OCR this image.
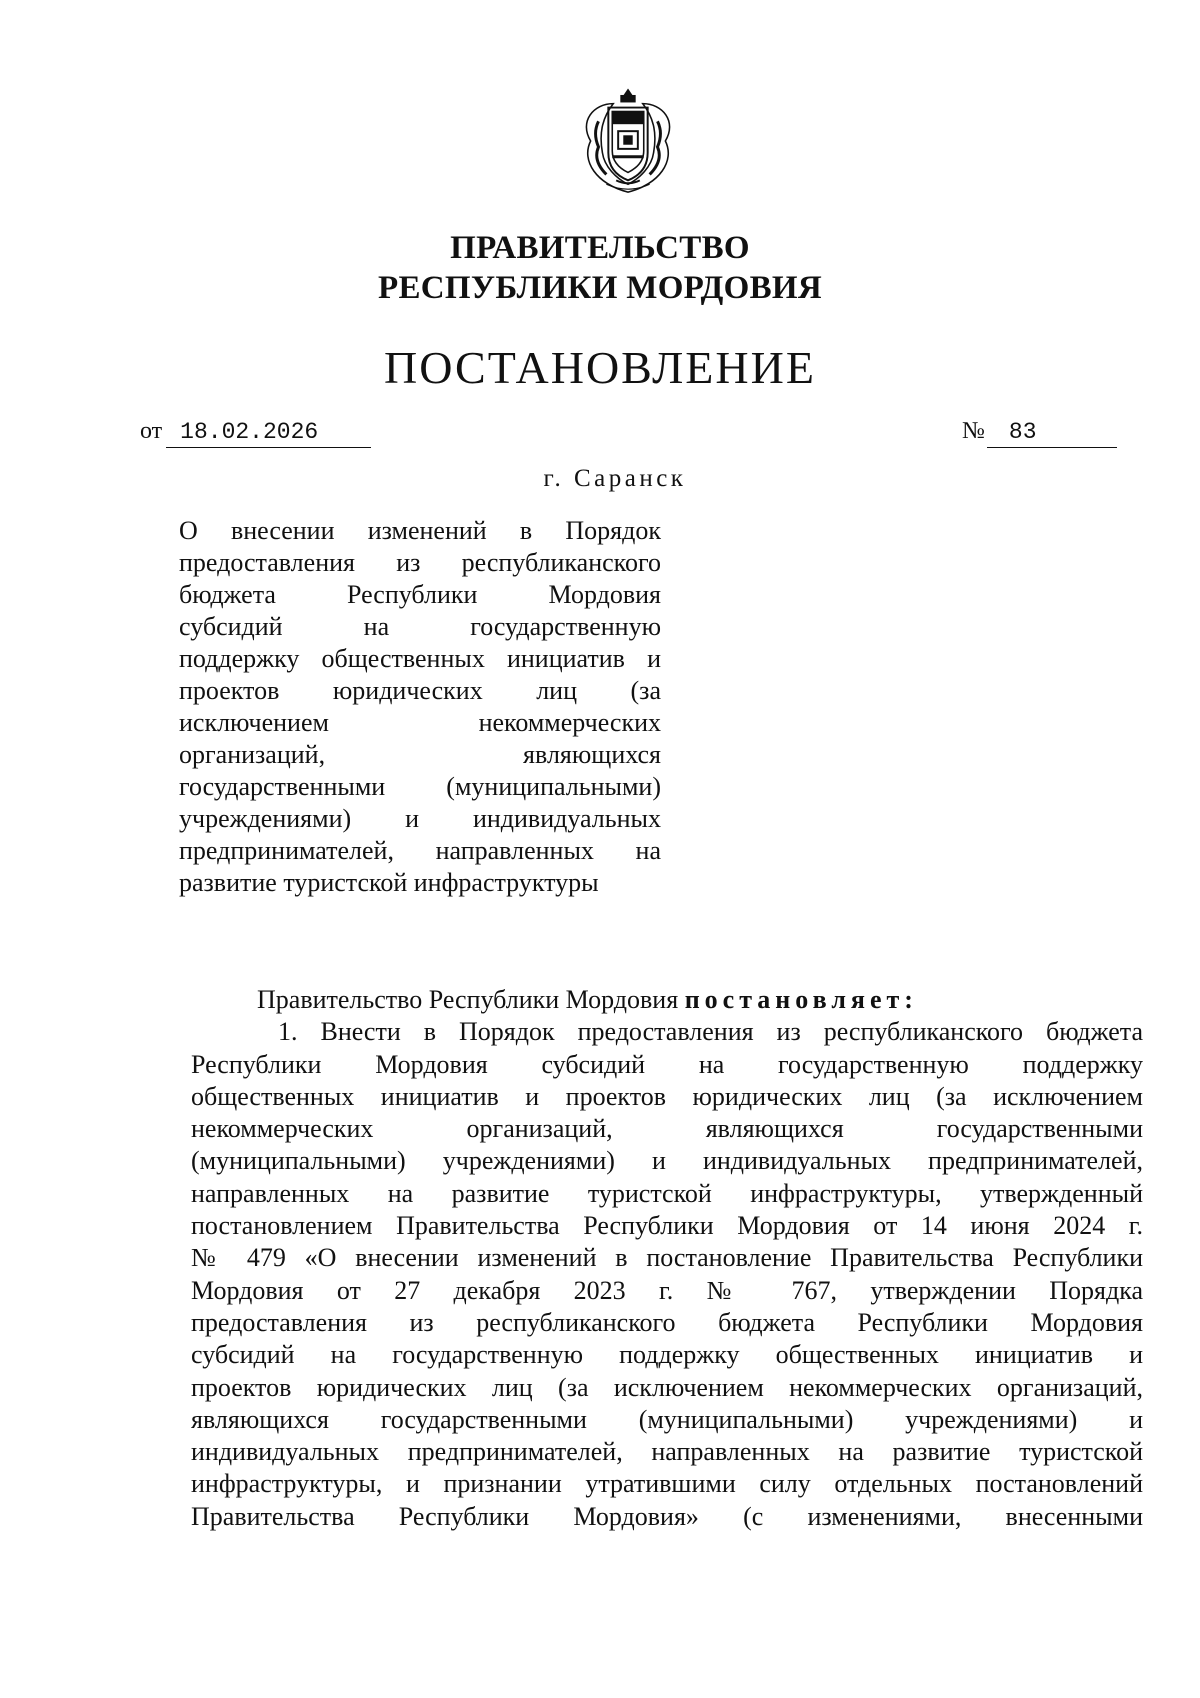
ПРАВИТЕЛЬСТВО
РЕСПУБЛИКИ МОРДОВИЯ
ПОСТАНОВЛЕНИЕ
от 18.02.2026	№ 83
г. Саранск
О внесении изменений в Порядок
предоставления из республиканского
бюджета Республики Мордовия
субсидий на государственную
поддержку общественных инициатив и
проектов юридических лиц (за
исключением некоммерческих
организаций, являющихся
государственными (муниципальными)
учреждениями) и индивидуальных
предпринимателей, направленных на
развитие туристской инфраструктуры
Правительство Республики Мордовия постановляет:
1. Внести в Порядок предоставления из республиканского бюджета
Республики Мордовия субсидий на государственную поддержку
общественных инициатив и проектов юридических лиц (за исключением
некоммерческих организаций, являющихся государственными
(муниципальными) учреждениями) и индивидуальных предпринимателей,
направленных на развитие туристской инфраструктуры, утвержденный
постановлением Правительства Республики Мордовия от 14 июня 2024 г.
№ 479 «О внесении изменений в постановление Правительства Республики
Мордовия от 27 декабря 2023 г. № 767, утверждении Порядка
предоставления из республиканского бюджета Республики Мордовия
субсидий на государственную поддержку общественных инициатив и
проектов юридических лиц (за исключением некоммерческих организаций,
являющихся государственными (муниципальными) учреждениями) и
индивидуальных предпринимателей, направленных на развитие туристской
инфраструктуры, и признании утратившими силу отдельных постановлений
Правительства Республики Мордовия» (с изменениями, внесенными
